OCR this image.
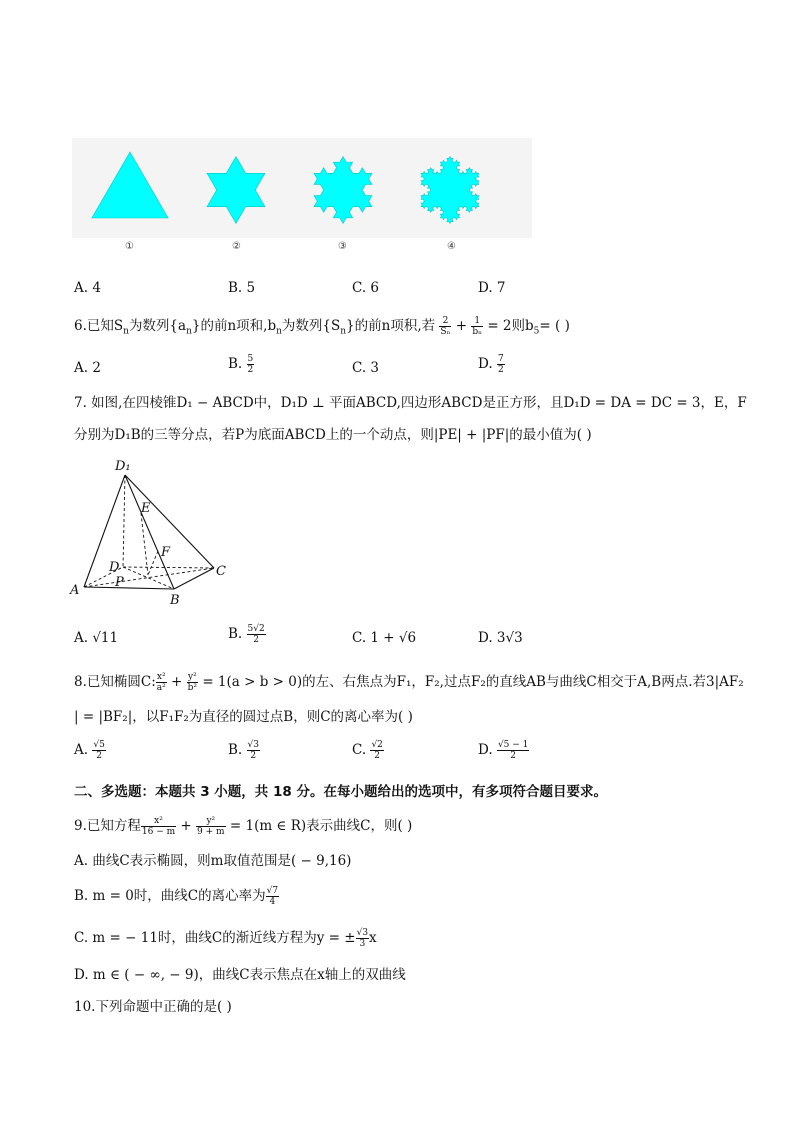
①	②	③	④
A. 4	B. 5	C. 6	D. 7
6.已知$S_n$为数列$\{a_n\}$的前n项和$,b_n$为数列$\{S_n\}$的前n项积,若 $\frac{2}{\text{Sₙ}} + \frac{1}{\text{bₙ}} = 2$则$b_5=$ ( )
A. 2	B. $\frac{5}{2}$	C. 3	D. $\frac{7}{2}$
7. 如图,在四棱锥D₁ − ABCD中，D₁D ⊥ 平面ABCD,四边形ABCD是正方形，且D₁D = DA = DC = 3，E，F
分别为D₁B的三等分点，若P为底面ABCD上的一个动点，则|PE| + |PF|的最小值为( )
D₁
E
F
D
P
A
B
C
A. √11	B. $\frac{5√2}{2}$	C. 1 + √6	D. 3√3
8.已知椭圆C: $\frac{\text{x²}}{\text{a²}} + \frac{\text{y²}}{\text{b²}} = 1(a > b > 0)$的左、右焦点为F₁，F₂,过点F₂的直线AB与曲线C相交于A,B两点.若3|AF₂
| = |BF₂|，以F₁F₂为直径的圆过点B，则C的离心率为( )
A. $\frac{√5}{2}$	B. $\frac{√3}{2}$	C. $\frac{√2}{2}$	D. $\frac{√5 - 1}{2}$
二、多选题：本题共 3 小题，共 18 分。在每小题给出的选项中，有多项符合题目要求。
9.已知方程 $\frac{\text{x²}}{16 - m} + \frac{\text{y²}}{9 + m} = 1(m$ ∈ R)表示曲线C，则( )
A. 曲线C表示椭圆，则m取值范围是( − 9,16)
B. m = 0时，曲线C的离心率为 $\frac{√7}{4}$
C. m = − 11时，曲线C的渐近线方程为y = ± $\frac{√3}{3}$ x
D. m ∈ ( − ∞, − 9)，曲线C表示焦点在x轴上的双曲线
10.下列命题中正确的是( )
